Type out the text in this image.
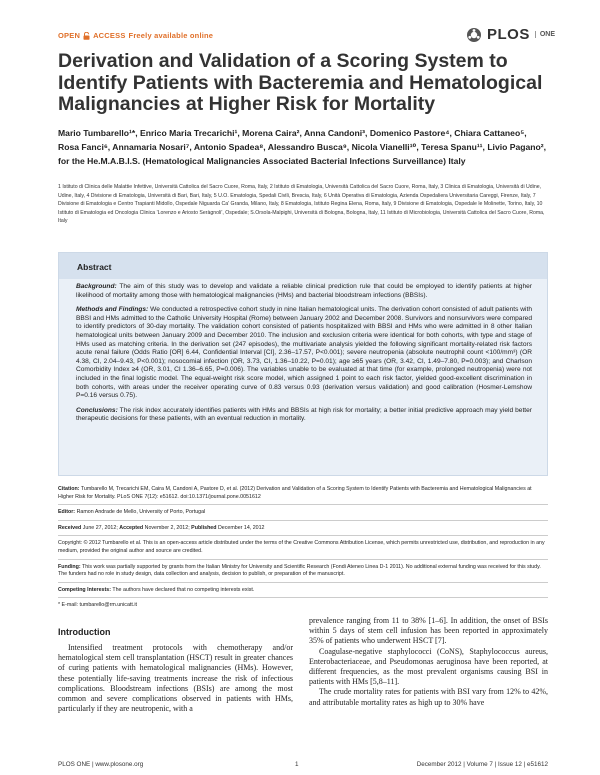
OPEN ACCESS Freely available online	PLOS	ONE
Derivation and Validation of a Scoring System to Identify Patients with Bacteremia and Hematological Malignancies at Higher Risk for Mortality
Mario Tumbarello¹*, Enrico Maria Trecarichi¹, Morena Caira², Anna Candoni³, Domenico Pastore⁴, Chiara Cattaneo⁵, Rosa Fanci⁶, Annamaria Nosari⁷, Antonio Spadea⁸, Alessandro Busca⁹, Nicola Vianelli¹⁰, Teresa Spanu¹¹, Livio Pagano², for the He.M.A.B.I.S. (Hematological Malignancies Associated Bacterial Infections Surveillance) Italy
1 Istituto di Clinica delle Malattie Infettive, Università Cattolica del Sacro Cuore, Roma, Italy, 2 Istituto di Ematologia, Università Cattolica del Sacro Cuore, Roma, Italy, 3 Clinica di Ematologia, Università di Udine, Udine, Italy, 4 Divisione di Ematologia, Università di Bari, Bari, Italy, 5 U.O. Ematologia, Spedali Civili, Brescia, Italy, 6 Unità Operativa di Ematologia, Azienda Ospedaliera Universitaria Careggi, Firenze, Italy, 7 Divisione di Ematologia e Centro Trapianti Midollo, Ospedale Niguarda Ca' Granda, Milano, Italy, 8 Ematologia, Istituto Regina Elena, Roma, Italy, 9 Divisione di Ematologia, Ospedale le Molinette, Torino, Italy, 10 Istituto di Ematologia ed Oncologia Clinica 'Lorenzo e Ariosto Seràgnoli', Ospedale; S.Orsola-Malpighi, Università di Bologna, Bologna, Italy, 11 Istituto di Microbiologia, Università Cattolica del Sacro Cuore, Roma, Italy
Abstract

Background: The aim of this study was to develop and validate a reliable clinical prediction rule that could be employed to identify patients at higher likelihood of mortality among those with hematological malignancies (HMs) and bacterial bloodstream infections (BBSIs).

Methods and Findings: We conducted a retrospective cohort study in nine Italian hematological units. The derivation cohort consisted of adult patients with BBSI and HMs admitted to the Catholic University Hospital (Rome) between January 2002 and December 2008. Survivors and nonsurvivors were compared to identify predictors of 30-day mortality. The validation cohort consisted of patients hospitalized with BBSI and HMs who were admitted in 8 other Italian hematological units between January 2009 and December 2010. The inclusion and exclusion criteria were identical for both cohorts, with type and stage of HMs used as matching criteria. In the derivation set (247 episodes), the multivariate analysis yielded the following significant mortality-related risk factors acute renal failure (Odds Ratio [OR] 6.44, Confidential Interval [CI], 2.36–17.57, P<0.001); severe neutropenia (absolute neutrophil count <100/mm³) (OR 4.38, CI, 2.04–9.43, P<0.001); nosocomial infection (OR, 3.73, CI, 1.36–10.22, P=0.01); age ≥65 years (OR, 3.42, CI, 1.49–7.80, P=0.003); and Charlson Comorbidity Index ≥4 (OR, 3.01, CI 1.36–6.65, P=0.006). The variables unable to be evaluated at that time (for example, prolonged neutropenia) were not included in the final logistic model. The equal-weight risk score model, which assigned 1 point to each risk factor, yielded good-excellent discrimination in both cohorts, with areas under the receiver operating curve of 0.83 versus 0.93 (derivation versus validation) and good calibration (Hosmer-Lemshow P=0.16 versus 0.75).

Conclusions: The risk index accurately identifies patients with HMs and BBSIs at high risk for mortality; a better initial predictive approach may yield better therapeutic decisions for these patients, with an eventual reduction in mortality.

Citation: Tumbarello M, Trecarichi EM, Caira M, Candoni A, Pastore D, et al. (2012) Derivation and Validation of a Scoring System to Identify Patients with Bacteremia and Hematological Malignancies at Higher Risk for Mortality. PLoS ONE 7(12): e51612. doi:10.1371/journal.pone.0051612
Editor: Ramon Andrade de Mello, University of Porto, Portugal
Received June 27, 2012; Accepted November 2, 2012; Published December 14, 2012
Copyright: © 2012 Tumbarello et al. This is an open-access article distributed under the terms of the Creative Commons Attribution License, which permits unrestricted use, distribution, and reproduction in any medium, provided the original author and source are credited.
Funding: This work was partially supported by grants from the Italian Ministry for University and Scientific Research (Fondi Ateneo Linea D-1 2011). No additional external funding was received for this study. The funders had no role in study design, data collection and analysis, decision to publish, or preparation of the manuscript.
Competing Interests: The authors have declared that no competing interests exist.
* E-mail: tumbarello@rm.unicatt.it
Introduction

Intensified treatment protocols with chemotherapy and/or hematological stem cell transplantation (HSCT) result in greater chances of curing patients with hematological malignancies (HMs). However, these potentially life-saving treatments increase the risk of infectious complications. Bloodstream infections (BSIs) are among the most common and severe complications observed in patients with HMs, particularly if they are neutropenic, with a

prevalence ranging from 11 to 38% [1–6]. In addition, the onset of BSIs within 5 days of stem cell infusion has been reported in approximately 35% of patients who underwent HSCT [7].

Coagulase-negative staphylococci (CoNS), Staphylococcus aureus, Enterobacteriaceae, and Pseudomonas aeruginosa have been reported, at different frequencies, as the most prevalent organisms causing BSI in patients with HMs [5,8–11].

The crude mortality rates for patients with BSI vary from 12% to 42%, and attributable mortality rates as high up to 30% have

PLOS ONE | www.plosone.org	1	December 2012 | Volume 7 | Issue 12 | e51612
